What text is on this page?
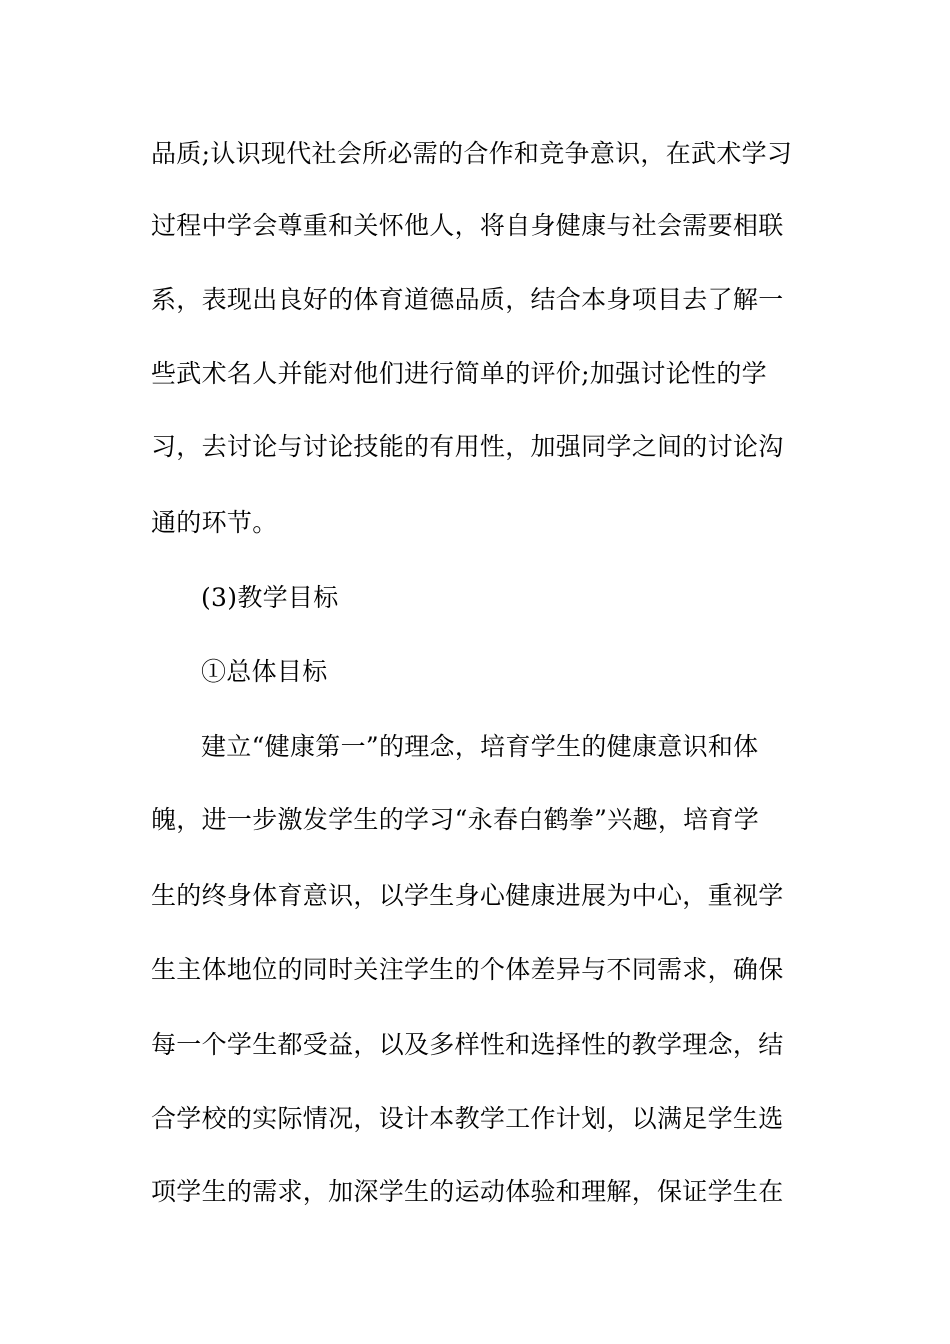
品质;认识现代社会所必需的合作和竞争意识，在武术学习
过程中学会尊重和关怀他人，将自身健康与社会需要相联
系，表现出良好的体育道德品质，结合本身项目去了解一
些武术名人并能对他们进行简单的评价;加强讨论性的学
习，去讨论与讨论技能的有用性，加强同学之间的讨论沟
通的环节。
(3)教学目标
①总体目标
建立“健康第一”的理念，培育学生的健康意识和体
魄，进一步激发学生的学习“永春白鹤拳”兴趣，培育学
生的终身体育意识，以学生身心健康进展为中心，重视学
生主体地位的同时关注学生的个体差异与不同需求，确保
每一个学生都受益，以及多样性和选择性的教学理念，结
合学校的实际情况，设计本教学工作计划，以满足学生选
项学生的需求，加深学生的运动体验和理解，保证学生在
